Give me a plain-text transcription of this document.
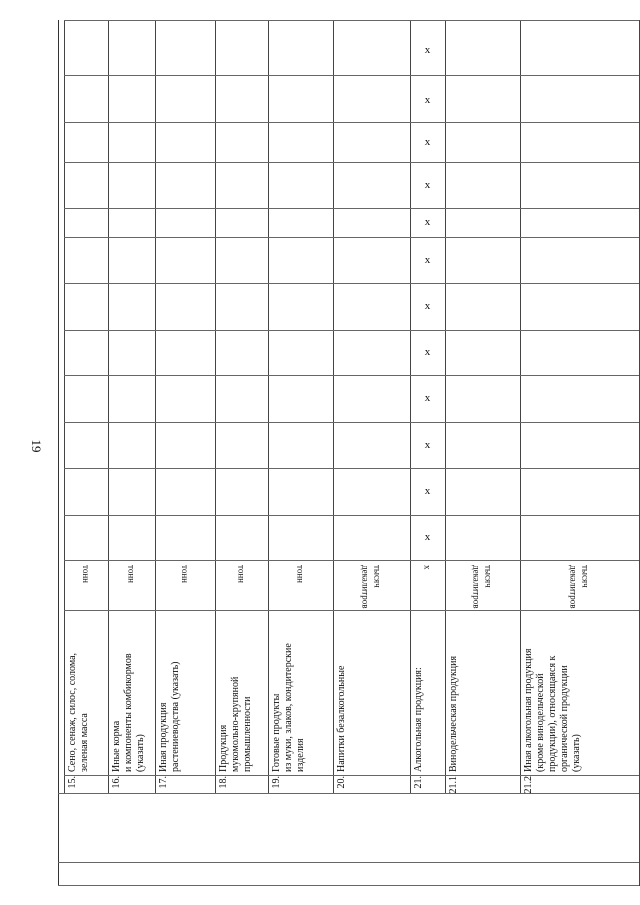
19
15.
Сено, сенаж, силос, солома,
зеленая масса
тонн
16.
Иные корма
и компоненты комбикормов
(указать)
тонн
17.
Иная продукция
растениеводства (указать)
тонн
18.
Продукция
мукомольно-крупяной
промышленности
тонн
19.
Готовые продукты
из муки, злаков, кондитерские
изделия
тонн
20.
Напитки безалкогольные
тысяч
декалитров
21.
Алкогольная продукция:
х
х
х
х
х
х
х
х
х
х
х
х
х
21.1
Винодельческая продукция
тысяч
декалитров
21.2
Иная алкогольная продукция
(кроме винодельческой
продукции), относящаяся к
органической продукции
(указать)
тысяч
декалитров
